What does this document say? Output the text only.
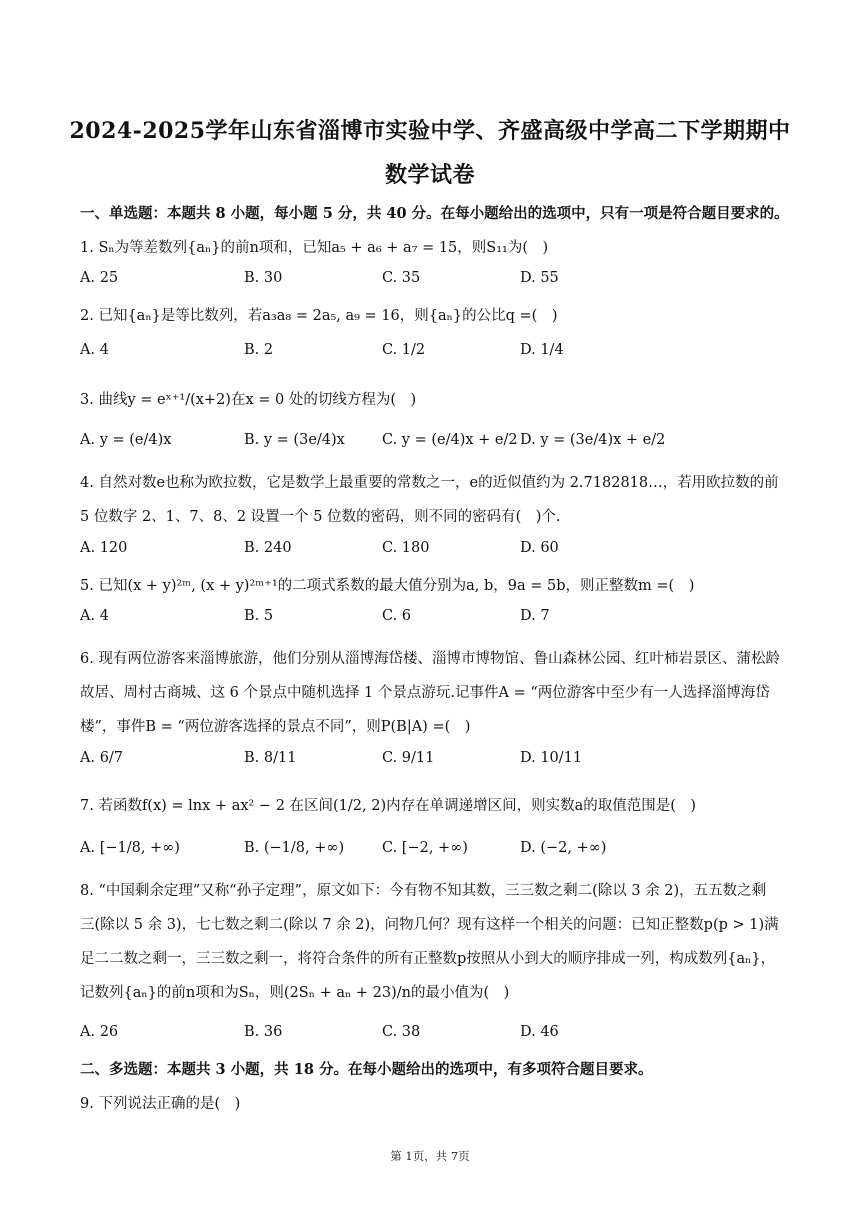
2024-2025学年山东省淄博市实验中学、齐盛高级中学高二下学期期中
数学试卷
一、单选题：本题共 8 小题，每小题 5 分，共 40 分。在每小题给出的选项中，只有一项是符合题目要求的。
1. Sₙ为等差数列{aₙ}的前n项和，已知a₅ + a₆ + a₇ = 15，则S₁₁为(　)
A. 25	B. 30	C. 35	D. 55
2. 已知{aₙ}是等比数列，若a₃a₈ = 2a₅, a₉ = 16，则{aₙ}的公比q =(　)
A. 4	B. 2	C. 1/2	D. 1/4
3. 曲线y = eˣ⁺¹/(x+2)在x = 0 处的切线方程为(　)
A. y = (e/4)x	B. y = (3e/4)x	C. y = (e/4)x + e/2 D. y = (3e/4)x + e/2
4. 自然对数e也称为欧拉数，它是数学上最重要的常数之一，e的近似值约为 2.7182818…，若用欧拉数的前 5 位数字 2、1、7、8、2 设置一个 5 位数的密码，则不同的密码有(　)个.
A. 120	B. 240	C. 180	D. 60
5. 已知(x + y)²ᵐ, (x + y)²ᵐ⁺¹的二项式系数的最大值分别为a, b，9a = 5b，则正整数m =(　)
A. 4	B. 5	C. 6	D. 7
6. 现有两位游客来淄博旅游，他们分别从淄博海岱楼、淄博市博物馆、鲁山森林公园、红叶柿岩景区、蒲松龄故居、周村古商城、这 6 个景点中随机选择 1 个景点游玩.记事件A = “两位游客中至少有一人选择淄博海岱楼”，事件B = “两位游客选择的景点不同”，则P(B|A) =(　)
A. 6/7	B. 8/11	C. 9/11	D. 10/11
7. 若函数f(x) = lnx + ax² − 2 在区间(1/2, 2)内存在单调递增区间，则实数a的取值范围是(　)
A. [−1/8, +∞)	B. (−1/8, +∞)	C. [−2, +∞)	D. (−2, +∞)
8. “中国剩余定理”又称“孙子定理”，原文如下：今有物不知其数，三三数之剩二(除以 3 余 2)，五五数之剩三(除以 5 余 3)，七七数之剩二(除以 7 余 2)，问物几何？现有这样一个相关的问题：已知正整数p(p > 1)满足二二数之剩一，三三数之剩一，将符合条件的所有正整数p按照从小到大的顺序排成一列，构成数列{aₙ}，记数列{aₙ}的前n项和为Sₙ，则(2Sₙ + aₙ + 23)/n的最小值为(　)
A. 26	B. 36	C. 38	D. 46
二、多选题：本题共 3 小题，共 18 分。在每小题给出的选项中，有多项符合题目要求。
9. 下列说法正确的是(　)
第 1页，共 7页
